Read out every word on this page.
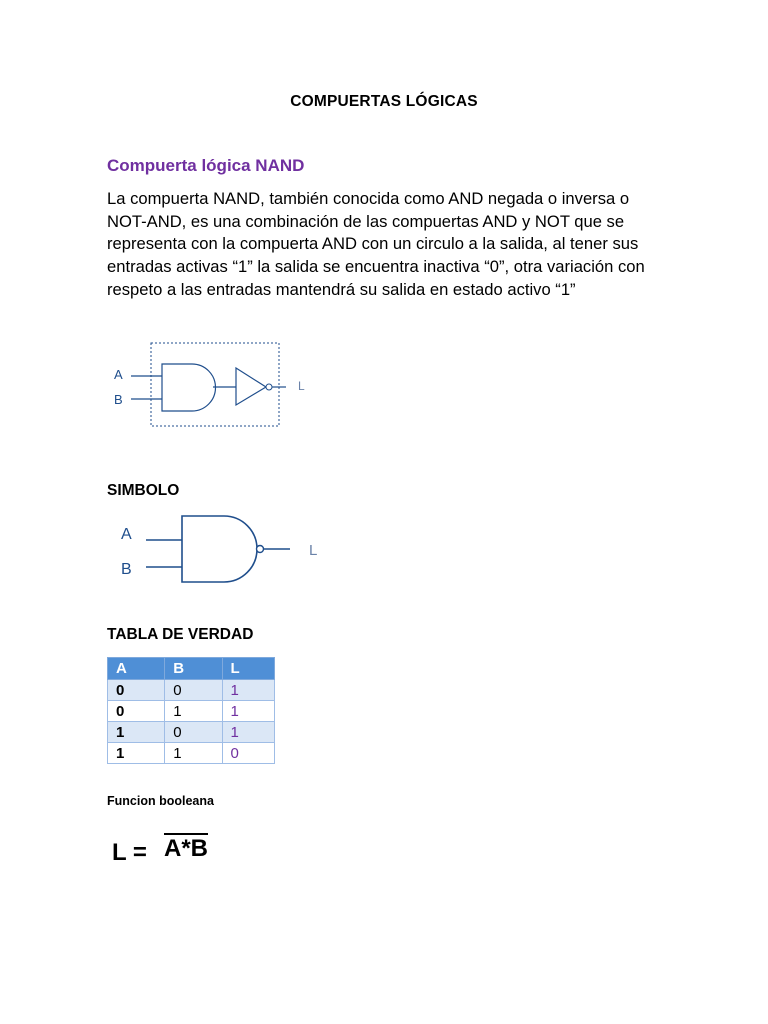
COMPUERTAS LÓGICAS
Compuerta lógica NAND

La compuerta NAND, también conocida como AND negada o inversa o NOT-AND, es una combinación de las compuertas AND y NOT que se representa con la compuerta AND con un circulo a la salida, al tener sus entradas activas “1” la salida se encuentra inactiva “0”, otra variación con respeto a las entradas mantendrá su salida en estado activo “1”

A
B
L
SIMBOLO
A
B
L
TABLA DE VERDAD
A	B	L
0	0	1
0	1	1
1	0	1
1	1	0
Funcion booleana
L = A*B
